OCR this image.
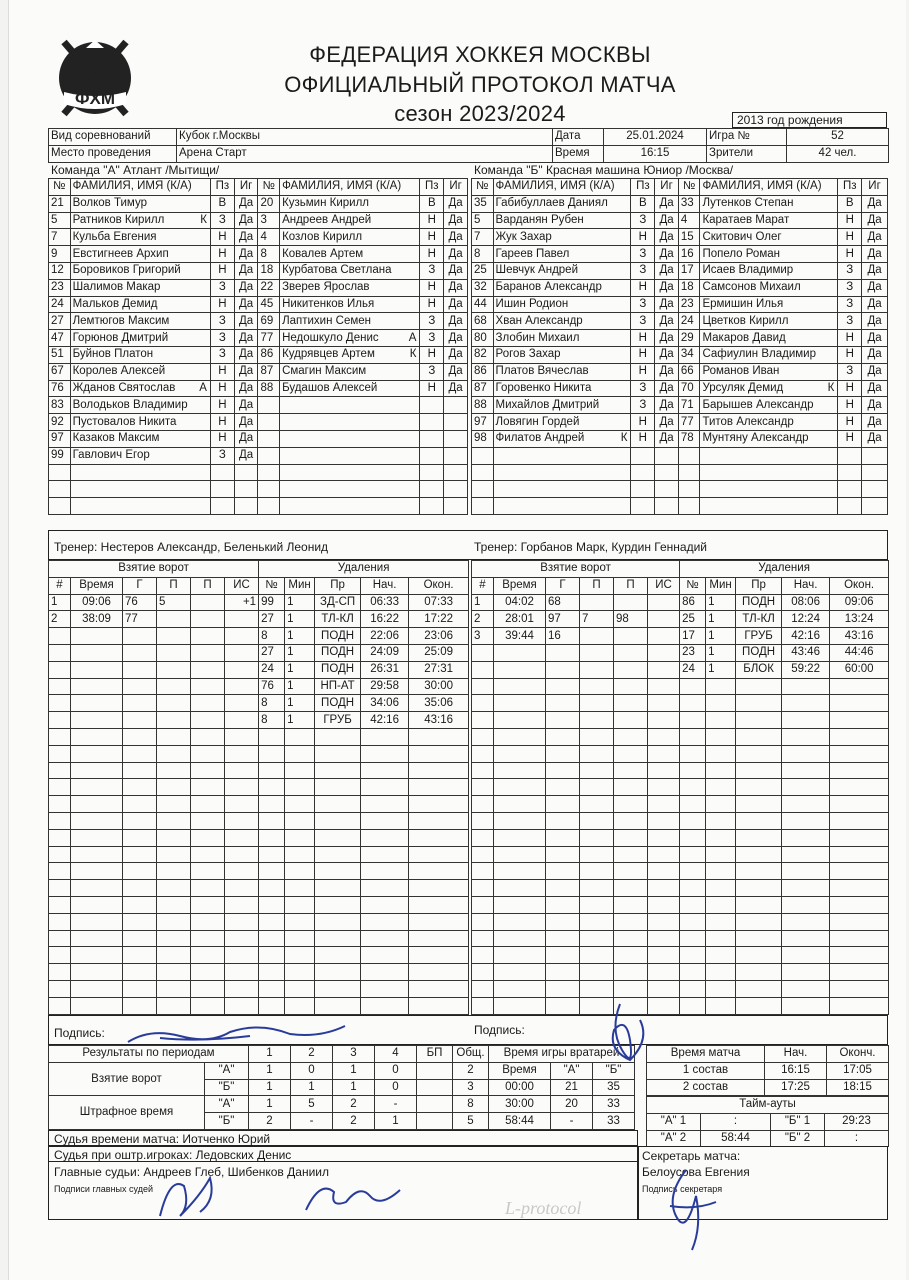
ФХМ
ФЕДЕРАЦИЯ ХОККЕЯ МОСКВЫ
ОФИЦИАЛЬНЫЙ ПРОТОКОЛ МАТЧА
сезон 2023/2024	2013 год рождения
Вид соревнований	Кубок г.Москвы	Дата	25.01.2024	Игра №	52
Место проведения	Арена Старт	Время	16:15	Зрители	42 чел.
Команда "А" Атлант /Мытищи/	Команда "Б" Красная машина Юниор /Москва/
№	ФАМИЛИЯ, ИМЯ (К/А)	Пз	Иг	№	ФАМИЛИЯ, ИМЯ (К/А)	Пз	Иг
21	Волков Тимур	В	Да	20	Кузьмин Кирилл	В	Да
5	Ратников Кирилл К	З	Да	3	Андреев Андрей	Н	Да
7	Кульба Евгения	Н	Да	4	Козлов Кирилл	Н	Да
9	Евстигнеев Архип	Н	Да	8	Ковалев Артем	Н	Да
12	Боровиков Григорий	Н	Да	18	Курбатова Светлана	З	Да
23	Шалимов Макар	З	Да	22	Зверев Ярослав	Н	Да
24	Мальков Демид	Н	Да	45	Никитенков Илья	Н	Да
27	Лемтюгов Максим	З	Да	69	Лаптихин Семен	З	Да
47	Горюнов Дмитрий	З	Да	77	Недошкуло Денис А	З	Да
51	Буйнов Платон	З	Да	86	Кудрявцев Артем К	Н	Да
67	Королев Алексей	Н	Да	87	Смагин Максим	З	Да
76	Жданов Святослав А	Н	Да	88	Будашов Алексей	Н	Да
83	Володьков Владимир	Н	Да				
92	Пустовалов Никита	Н	Да				
97	Казаков Максим	Н	Да				
99	Гавлович Егор	З	Да				

№	ФАМИЛИЯ, ИМЯ (К/А)	Пз	Иг	№	ФАМИЛИЯ, ИМЯ (К/А)	Пз	Иг
35	Габибуллаев Даниял	В	Да	33	Лутенков Степан	В	Да
5	Варданян Рубен	З	Да	4	Каратаев Марат	Н	Да
7	Жук Захар	Н	Да	15	Скитович Олег	Н	Да
8	Гареев Павел	З	Да	16	Попело Роман	Н	Да
25	Шевчук Андрей	З	Да	17	Исаев Владимир	З	Да
32	Баранов Александр	Н	Да	18	Самсонов Михаил	З	Да
44	Ишин Родион	З	Да	23	Ермишин Илья	З	Да
68	Хван Александр	З	Да	24	Цветков Кирилл	З	Да
80	Злобин Михаил	Н	Да	29	Макаров Давид	Н	Да
82	Рогов Захар	Н	Да	34	Сафиулин Владимир	Н	Да
86	Платов Вячеслав	Н	Да	66	Романов Иван	З	Да
87	Горовенко Никита	З	Да	70	Урсуляк Демид К	Н	Да
88	Михайлов Дмитрий	З	Да	71	Барышев Александр	Н	Да
97	Ловягин Гордей	Н	Да	77	Титов Александр	Н	Да
98	Филатов Андрей К	Н	Да	78	Мунтяну Александр	Н	Да

Тренер: Нестеров Александр, Беленький Леонид	Тренер: Горбанов Марк, Курдин Геннадий
Взятие ворот						Удаления				
#	Время	Г	П	П	ИС	№	Мин	Пр	Нач.	Окон.
1	09:06	76	5		+1	99	1	ЗД-СП	06:33	07:33
2	38:09	77				27	1	ТЛ-КЛ	16:22	17:22
						8	1	ПОДН	22:06	23:06
						27	1	ПОДН	24:09	25:09
						24	1	ПОДН	26:31	27:31
						76	1	НП-АТ	29:58	30:00
						8	1	ПОДН	34:06	35:06
						8	1	ГРУБ	42:16	43:16

Взятие ворот						Удаления				
#	Время	Г	П	П	ИС	№	Мин	Пр	Нач.	Окон.
1	04:02	68				86	1	ПОДН	08:06	09:06
2	28:01	97	7	98		25	1	ТЛ-КЛ	12:24	13:24
3	39:44	16				17	1	ГРУБ	42:16	43:16
						23	1	ПОДН	43:46	44:46
						24	1	БЛОК	59:22	60:00

Подпись:	Подпись:
Результаты по периодам		1	2	3	4	БП	Общ.
Взятие ворот	"А"	1	0	1	0		2
	"Б"	1	1	1	0		3
Штрафное время	"А"	1	5	2	-		8
	"Б"	2	-	2	1		5
Время игры вратарей		
Время	"А"	"Б"
00:00	21	35
30:00	20	33
58:44	-	33
Время матча	Нач.	Оконч.
1 состав	16:15	17:05
2 состав	17:25	18:15
Тайм-ауты			
"А" 1	:	"Б" 1	29:23
"А" 2	58:44	"Б" 2	:
Судья времени матча: Иотченко Юрий
Судья при оштр.игроках: Ледовских Денис
Главные судьи: Андреев Глеб, Шибенков Даниил
Подписи главных судей
Секретарь матча:
Белоусова Евгения
Подпись секретаря
L-protocol
